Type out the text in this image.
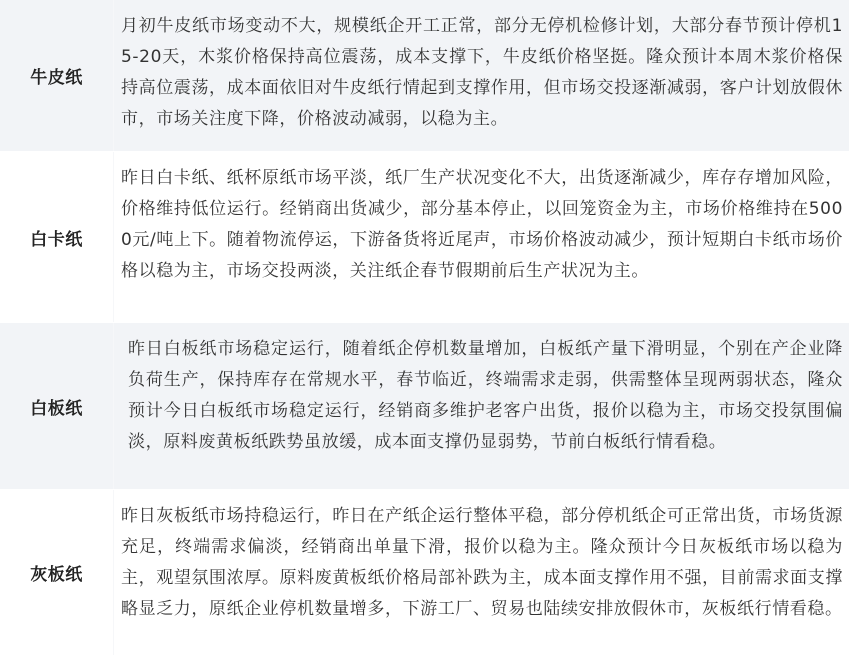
牛皮纸
月初牛皮纸市场变动不大，规模纸企开工正常，部分无停机检修计划，大部分春节预计停机15-20天，木浆价格保持高位震荡，成本支撑下，牛皮纸价格坚挺。隆众预计本周木浆价格保持高位震荡，成本面依旧对牛皮纸行情起到支撑作用，但市场交投逐渐减弱，客户计划放假休市，市场关注度下降，价格波动减弱，以稳为主。
白卡纸
昨日白卡纸、纸杯原纸市场平淡，纸厂生产状况变化不大，出货逐渐减少，库存存增加风险，价格维持低位运行。经销商出货减少，部分基本停止，以回笼资金为主，市场价格维持在5000元/吨上下。随着物流停运，下游备货将近尾声，市场价格波动减少，预计短期白卡纸市场价格以稳为主，市场交投两淡，关注纸企春节假期前后生产状况为主。
白板纸
昨日白板纸市场稳定运行，随着纸企停机数量增加，白板纸产量下滑明显，个别在产企业降负荷生产，保持库存在常规水平，春节临近，终端需求走弱，供需整体呈现两弱状态，隆众预计今日白板纸市场稳定运行，经销商多维护老客户出货，报价以稳为主，市场交投氛围偏淡，原料废黄板纸跌势虽放缓，成本面支撑仍显弱势，节前白板纸行情看稳。
灰板纸
昨日灰板纸市场持稳运行，昨日在产纸企运行整体平稳，部分停机纸企可正常出货，市场货源充足，终端需求偏淡，经销商出单量下滑，报价以稳为主。隆众预计今日灰板纸市场以稳为主，观望氛围浓厚。原料废黄板纸价格局部补跌为主，成本面支撑作用不强，目前需求面支撑略显乏力，原纸企业停机数量增多，下游工厂、贸易也陆续安排放假休市，灰板纸行情看稳。
